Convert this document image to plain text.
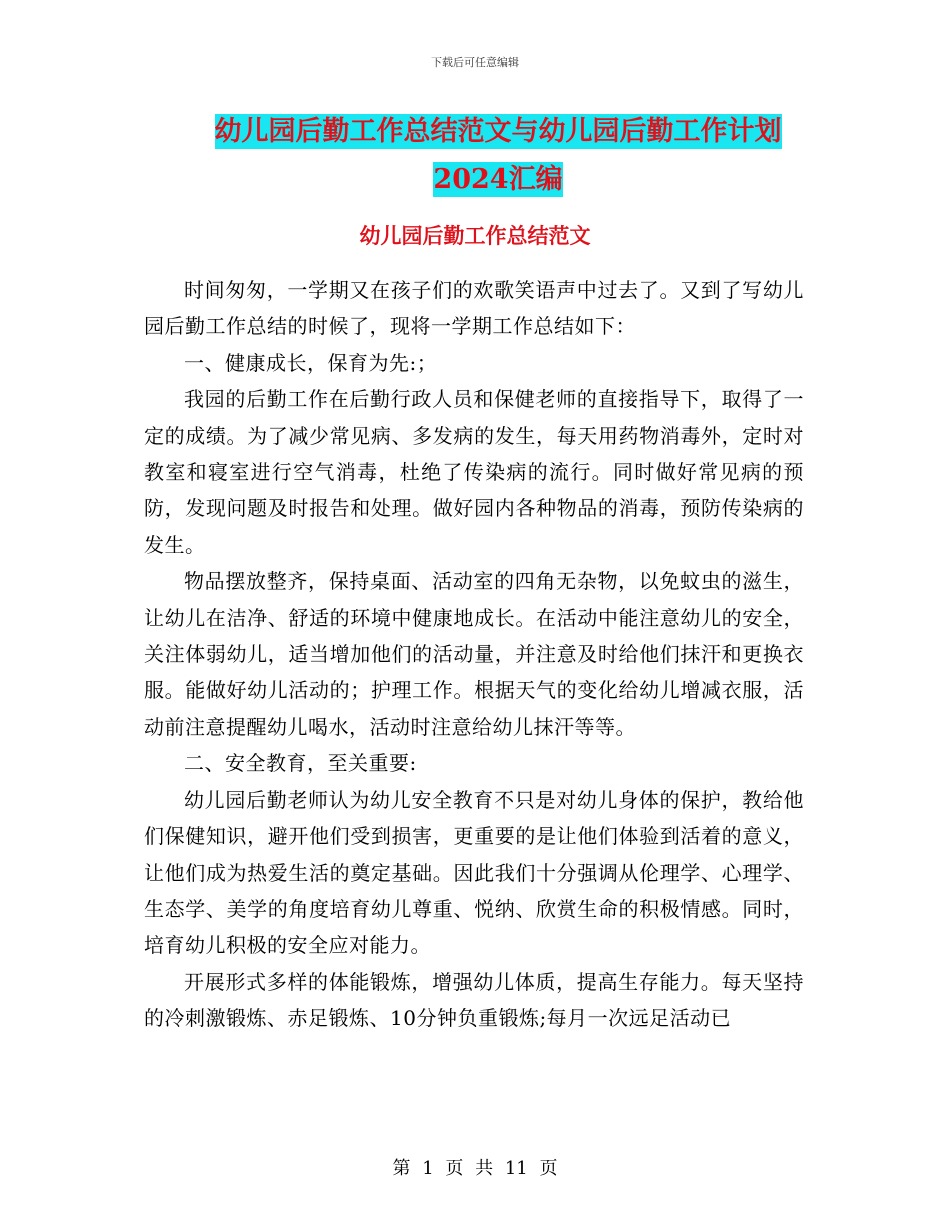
下载后可任意编辑
幼儿园后勤工作总结范文与幼儿园后勤工作计划2024汇编
幼儿园后勤工作总结范文

时间匆匆，一学期又在孩子们的欢歌笑语声中过去了。又到了写幼儿园后勤工作总结的时候了，现将一学期工作总结如下：

一、健康成长，保育为先:；

我园的后勤工作在后勤行政人员和保健老师的直接指导下，取得了一定的成绩。为了减少常见病、多发病的发生，每天用药物消毒外，定时对教室和寝室进行空气消毒，杜绝了传染病的流行。同时做好常见病的预防，发现问题及时报告和处理。做好园内各种物品的消毒，预防传染病的发生。

物品摆放整齐，保持桌面、活动室的四角无杂物，以免蚊虫的滋生，让幼儿在洁净、舒适的环境中健康地成长。在活动中能注意幼儿的安全，关注体弱幼儿，适当增加他们的活动量，并注意及时给他们抹汗和更换衣服。能做好幼儿活动的；护理工作。根据天气的变化给幼儿增减衣服，活动前注意提醒幼儿喝水，活动时注意给幼儿抹汗等等。

二、安全教育，至关重要:

幼儿园后勤老师认为幼儿安全教育不只是对幼儿身体的保护，教给他们保健知识，避开他们受到损害，更重要的是让他们体验到活着的意义，让他们成为热爱生活的奠定基础。因此我们十分强调从伦理学、心理学、生态学、美学的角度培育幼儿尊重、悦纳、欣赏生命的积极情感。同时，培育幼儿积极的安全应对能力。

开展形式多样的体能锻炼，增强幼儿体质，提高生存能力。每天坚持的冷刺激锻炼、赤足锻炼、10分钟负重锻炼;每月一次远足活动已

第 1 页 共 11 页
